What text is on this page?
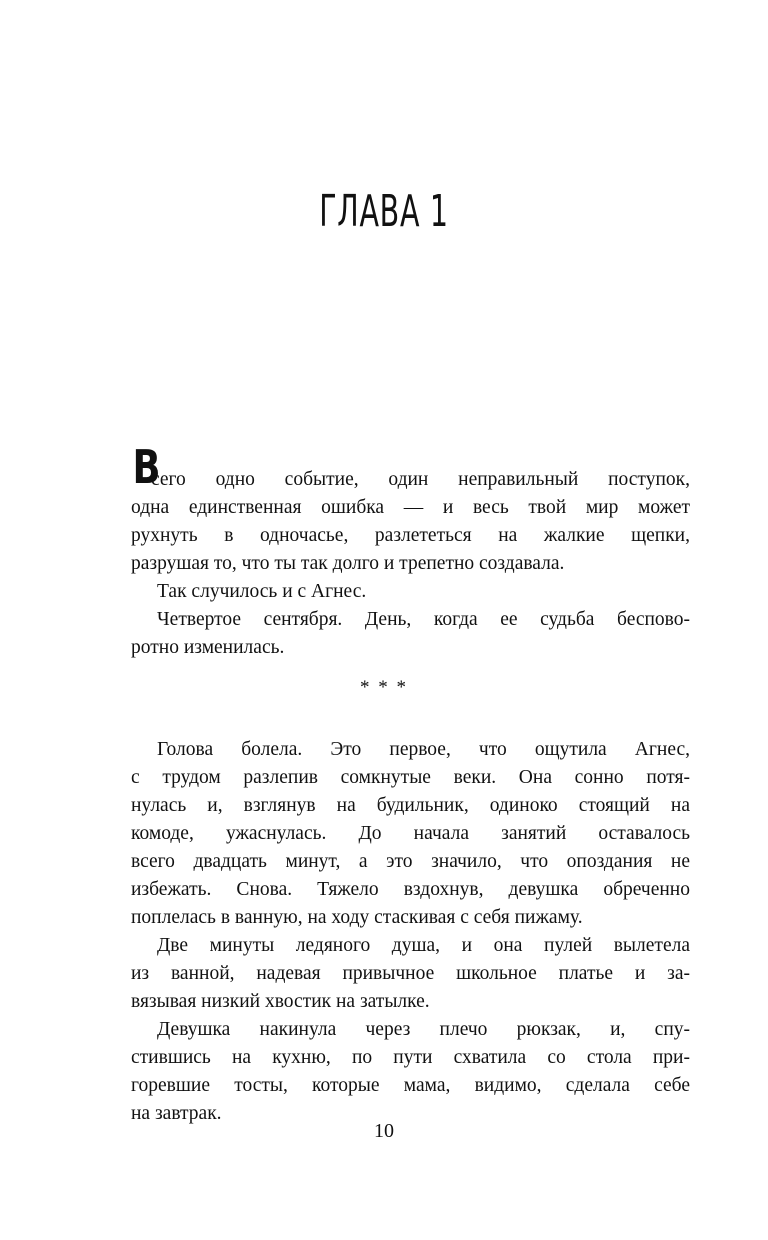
ГЛАВА 1
В
сего одно событие, один неправильный поступок,
одна единственная ошибка — и весь твой мир может
рухнуть в одночасье, разлететься на жалкие щепки,
разрушая то, что ты так долго и трепетно создавала.
Так случилось и с Агнес.
Четвертое сентября. День, когда ее судьба беспово-
ротно изменилась.
* * *
Голова болела. Это первое, что ощутила Агнес,
с трудом разлепив сомкнутые веки. Она сонно потя-
нулась и, взглянув на будильник, одиноко стоящий на
комоде, ужаснулась. До начала занятий оставалось
всего двадцать минут, а это значило, что опоздания не
избежать. Снова. Тяжело вздохнув, девушка обреченно
поплелась в ванную, на ходу стаскивая с себя пижаму.
Две минуты ледяного душа, и она пулей вылетела
из ванной, надевая привычное школьное платье и за-
вязывая низкий хвостик на затылке.
Девушка накинула через плечо рюкзак, и, спу-
стившись на кухню, по пути схватила со стола при-
горевшие тосты, которые мама, видимо, сделала себе
на завтрак.
10
